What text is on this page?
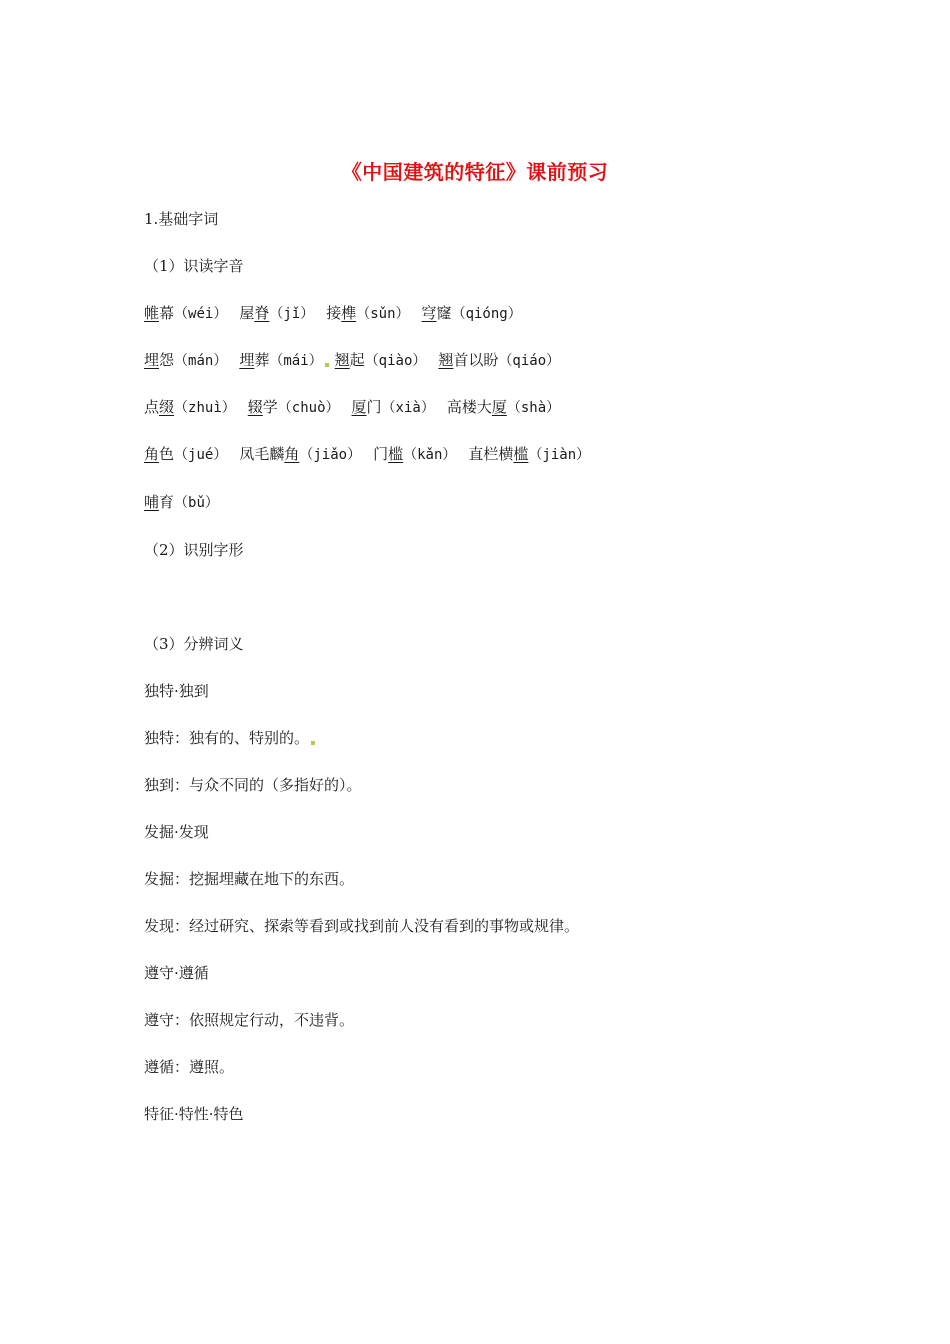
《中国建筑的特征》课前预习
1.基础字词
（1）识读字音
帷幕（wéi） 屋脊（jǐ） 接榫（sǔn） 穹窿（qióng）
埋怨（mán） 埋葬（mái） 翘起（qiào） 翘首以盼（qiáo）
点缀（zhuì） 辍学（chuò） 厦门（xià） 高楼大厦（shà）
角色（jué） 凤毛麟角（jiǎo） 门槛（kǎn） 直栏横槛（jiàn）
哺育（bǔ）
（2）识别字形
（3）分辨词义
独特·独到
独特：独有的、特别的。
独到：与众不同的（多指好的）。
发掘·发现
发掘：挖掘埋藏在地下的东西。
发现：经过研究、探索等看到或找到前人没有看到的事物或规律。
遵守·遵循
遵守：依照规定行动，不违背。
遵循：遵照。
特征·特性·特色
